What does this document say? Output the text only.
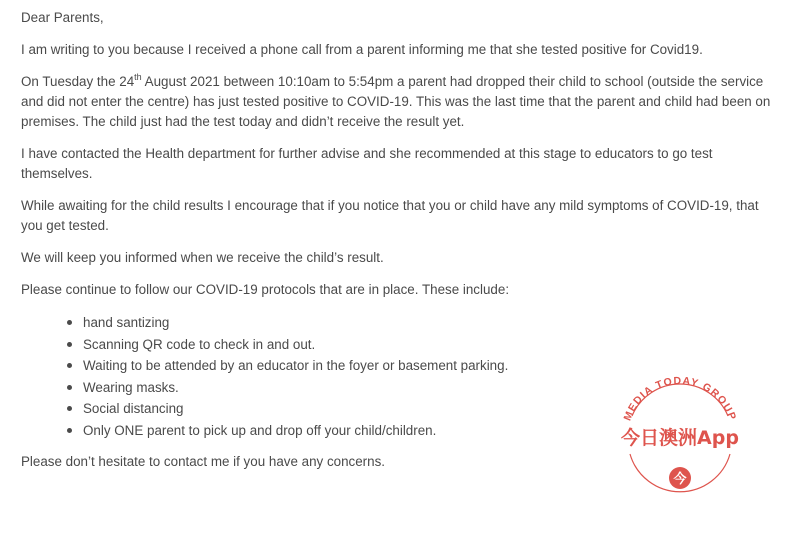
Dear Parents,

I am writing to you because I received a phone call from a parent informing me that she tested positive for Covid19.

On Tuesday the 24th August 2021 between 10:10am to 5:54pm a parent had dropped their child to school (outside the service and did not enter the centre) has just tested positive to COVID-19. This was the last time that the parent and child had been on premises. The child just had the test today and didn’t receive the result yet.

I have contacted the Health department for further advise and she recommended at this stage to educators to go test themselves.

While awaiting for the child results I encourage that if you notice that you or child have any mild symptoms of COVID-19, that you get tested.

We will keep you informed when we receive the child’s result.

Please continue to follow our COVID-19 protocols that are in place. These include:

hand santizing
Scanning QR code to check in and out.
Waiting to be attended by an educator in the foyer or basement parking.
Wearing masks.
Social distancing
Only ONE parent to pick up and drop off your child/children.

Please don’t hesitate to contact me if you have any concerns.

MEDIA TODAY GROUP
今日澳洲App
今
